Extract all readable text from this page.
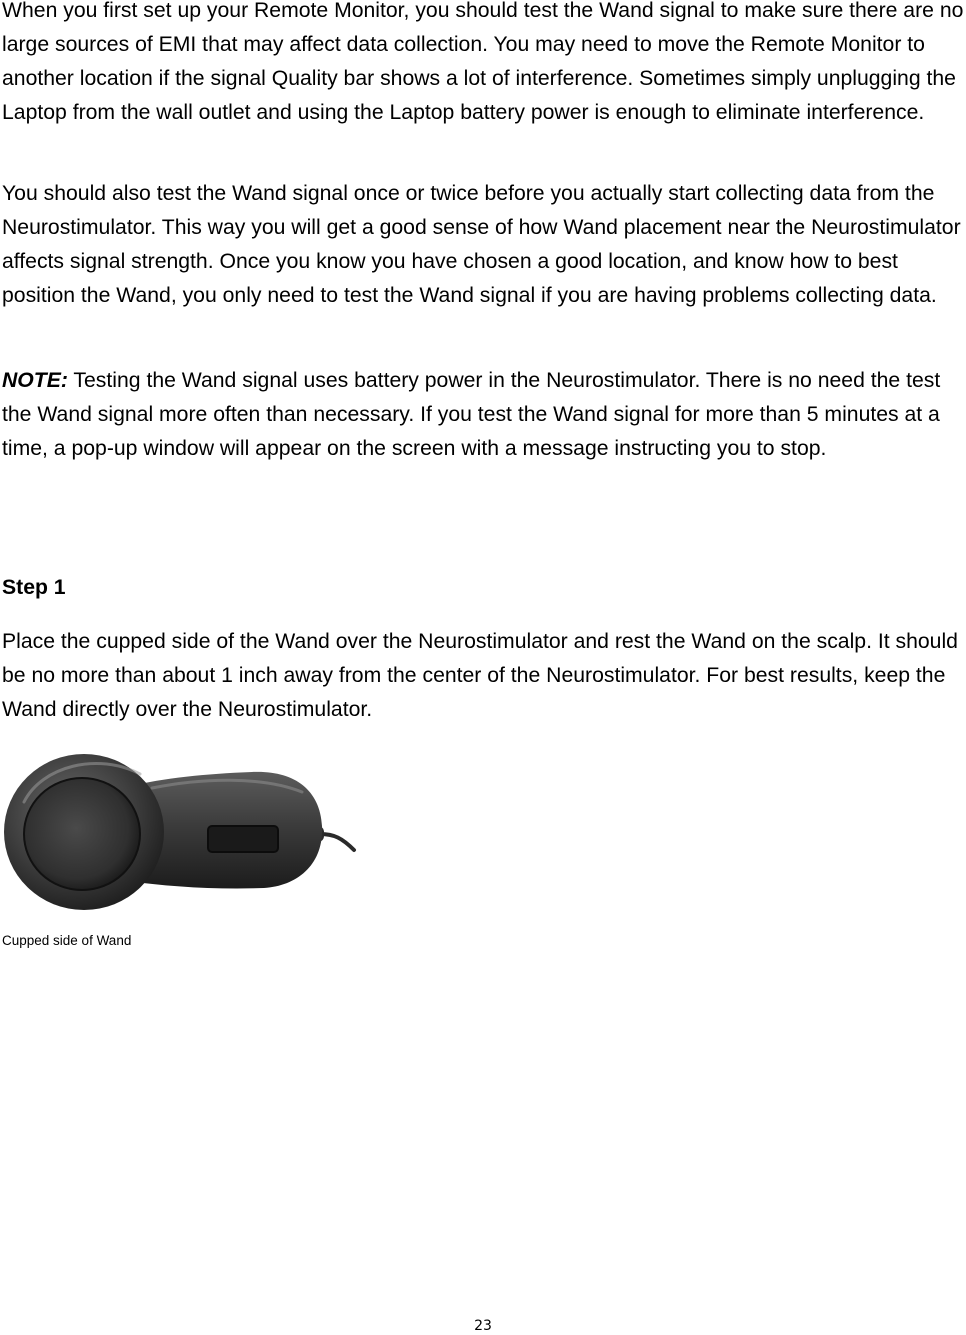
When you first set up your Remote Monitor, you should test the Wand signal to make sure there are no large sources of EMI that may affect data collection. You may need to move the Remote Monitor to another location if the signal Quality bar shows a lot of interference. Sometimes simply unplugging the Laptop from the wall outlet and using the Laptop battery power is enough to eliminate interference.

You should also test the Wand signal once or twice before you actually start collecting data from the Neurostimulator. This way you will get a good sense of how Wand placement near the Neurostimulator affects signal strength. Once you know you have chosen a good location, and know how to best position the Wand, you only need to test the Wand signal if you are having problems collecting data.

NOTE: Testing the Wand signal uses battery power in the Neurostimulator. There is no need the test the Wand signal more often than necessary. If you test the Wand signal for more than 5 minutes at a time, a pop-up window will appear on the screen with a message instructing you to stop.

Step 1

Place the cupped side of the Wand over the Neurostimulator and rest the Wand on the scalp. It should be no more than about 1 inch away from the center of the Neurostimulator. For best results, keep the Wand directly over the Neurostimulator.

Cupped side of Wand

23
